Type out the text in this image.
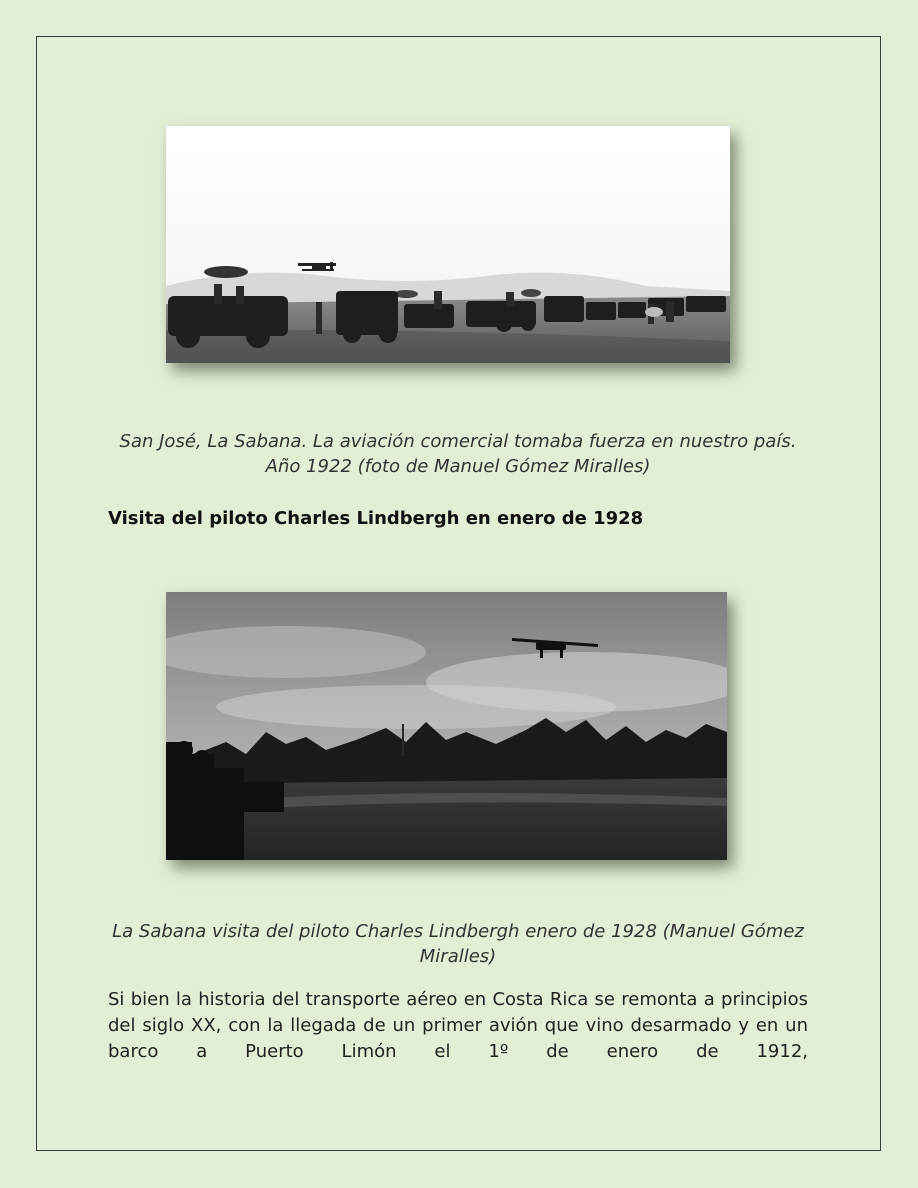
San José, La Sabana. La aviación comercial tomaba fuerza en nuestro país. Año 1922 (foto de Manuel Gómez Miralles)

Visita del piloto Charles Lindbergh en enero de 1928

La Sabana visita del piloto Charles Lindbergh enero de 1928 (Manuel Gómez Miralles)

Si bien la historia del transporte aéreo en Costa Rica se remonta a principios del siglo XX, con la llegada de un primer avión que vino desarmado y en un barco a Puerto Limón el 1º de enero de 1912,
